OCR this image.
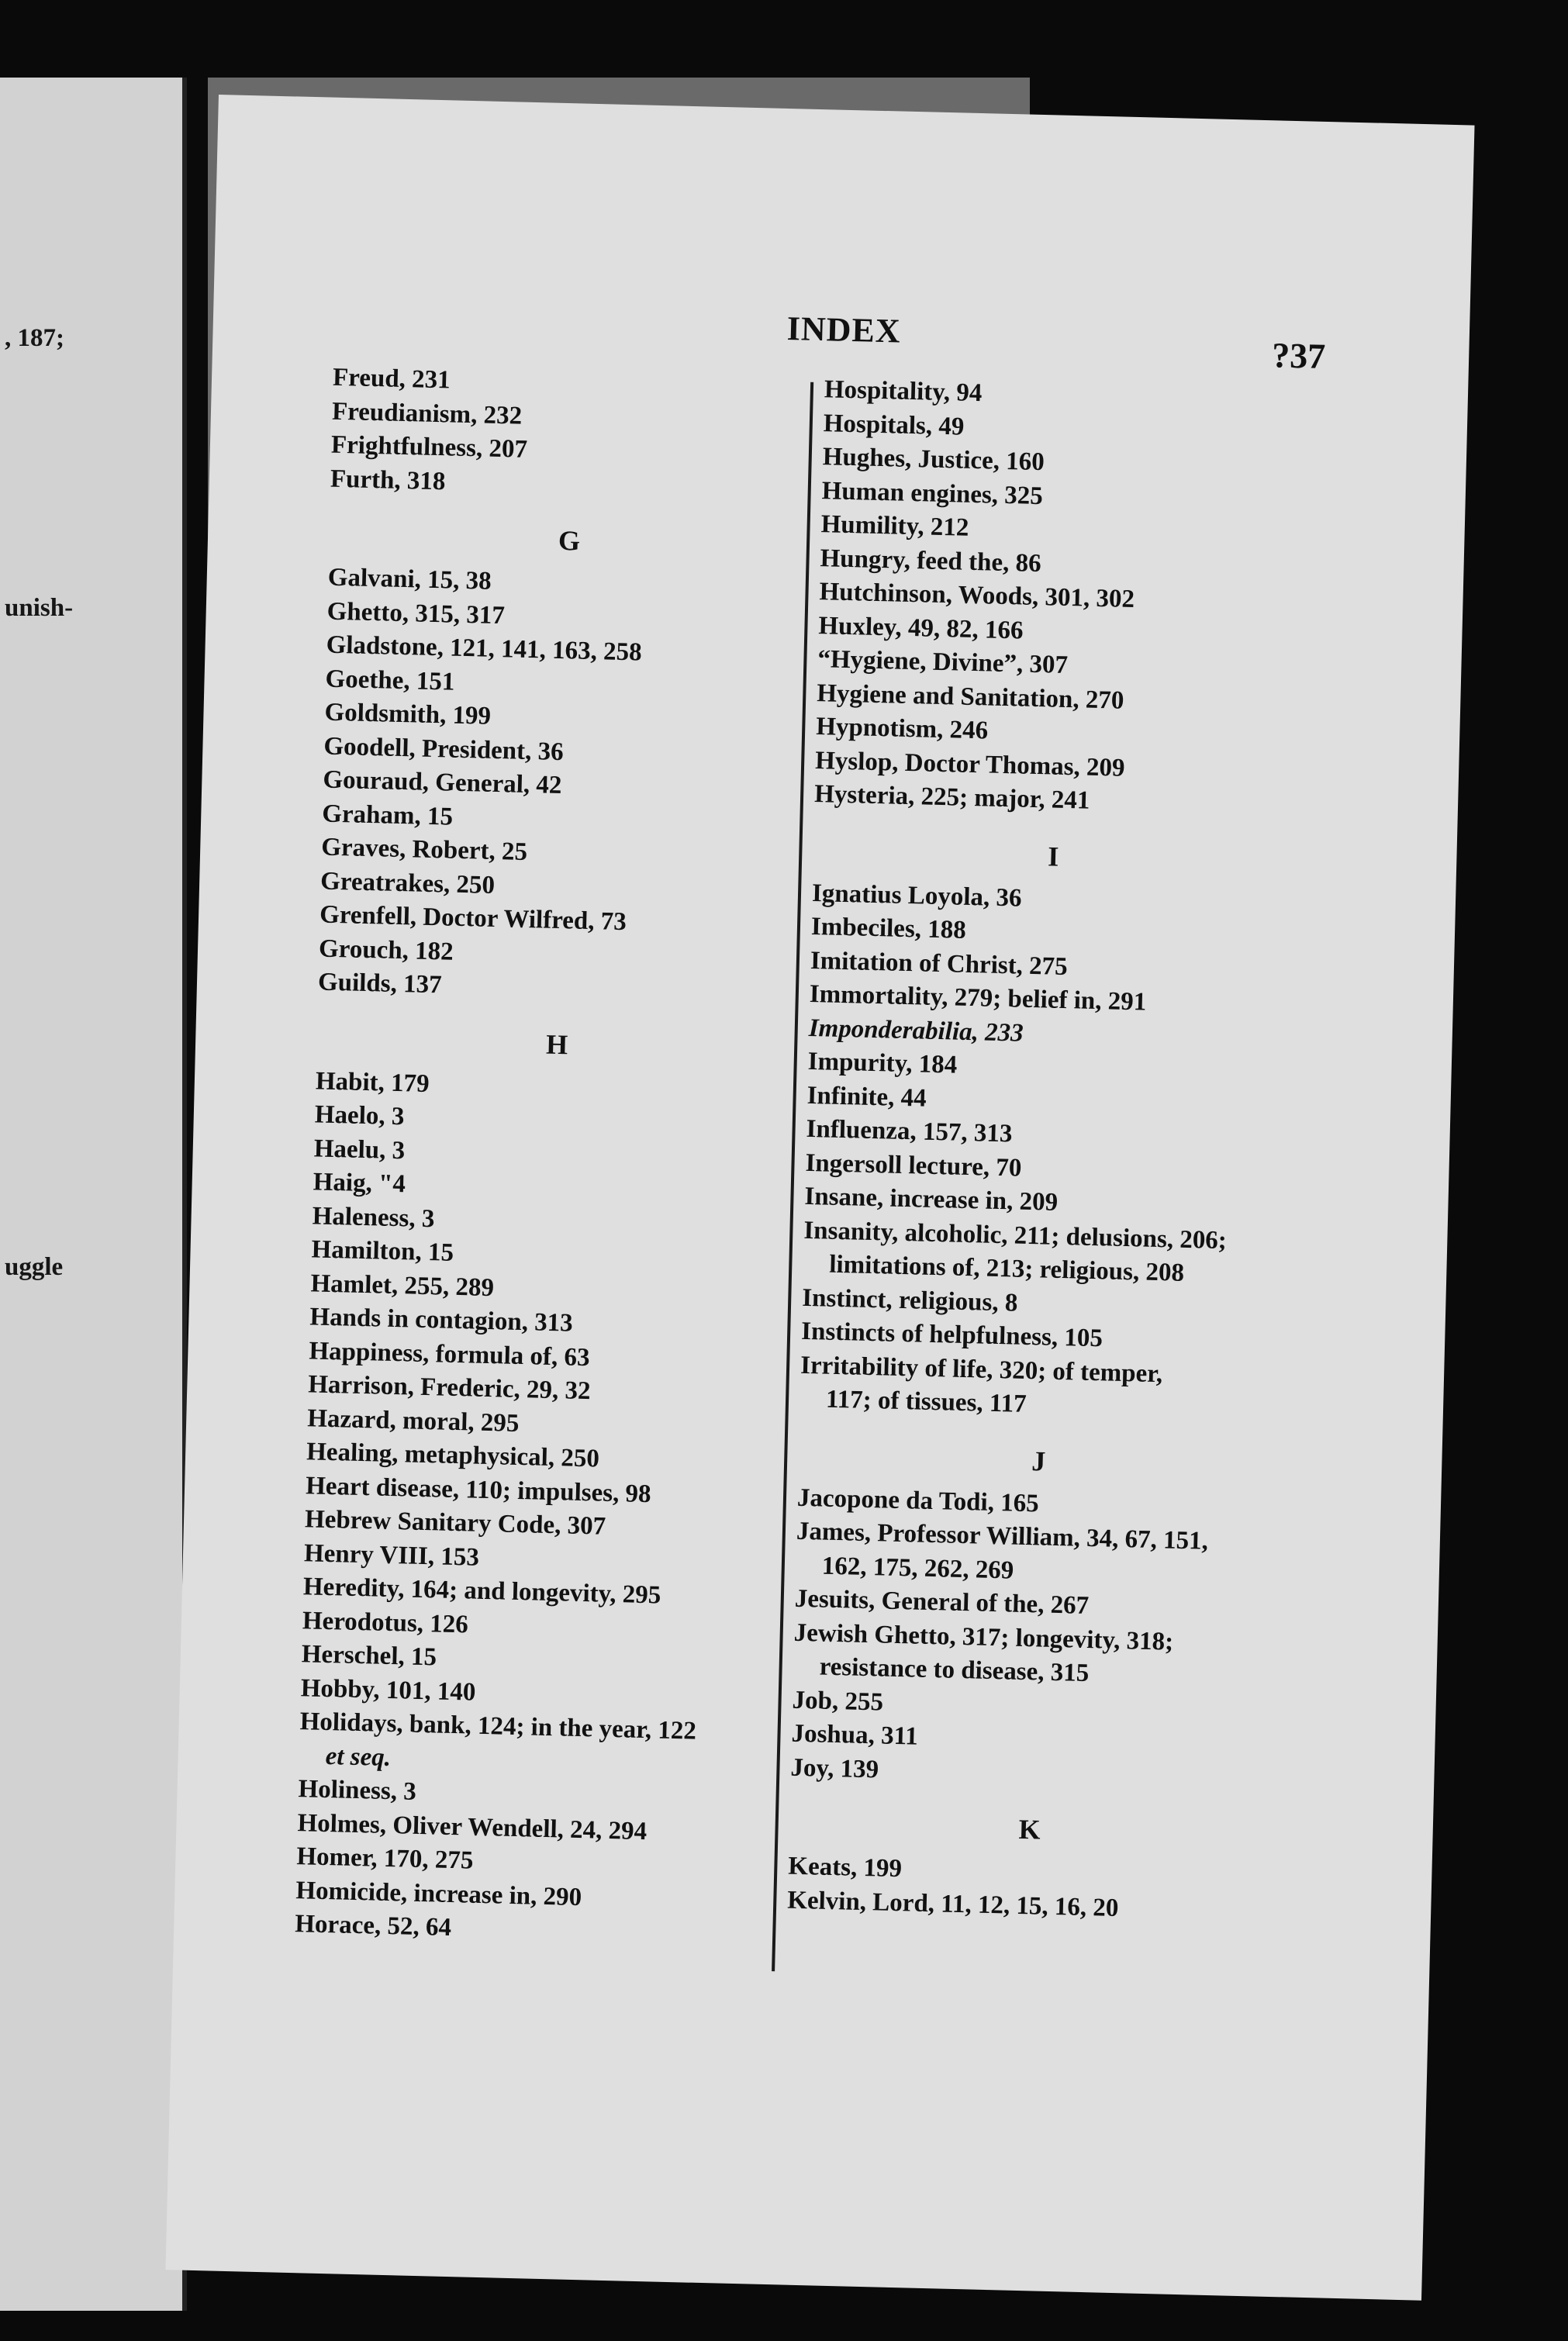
, 187;
unish-
uggle
INDEX
?37
Freud, 231
Freudianism, 232
Frightfulness, 207
Furth, 318
G
Galvani, 15, 38
Ghetto, 315, 317
Gladstone, 121, 141, 163, 258
Goethe, 151
Goldsmith, 199
Goodell, President, 36
Gouraud, General, 42
Graham, 15
Graves, Robert, 25
Greatrakes, 250
Grenfell, Doctor Wilfred, 73
Grouch, 182
Guilds, 137
H
Habit, 179
Haelo, 3
Haelu, 3
Haig, "4
Haleness, 3
Hamilton, 15
Hamlet, 255, 289
Hands in contagion, 313
Happiness, formula of, 63
Harrison, Frederic, 29, 32
Hazard, moral, 295
Healing, metaphysical, 250
Heart disease, 110; impulses, 98
Hebrew Sanitary Code, 307
Henry VIII, 153
Heredity, 164; and longevity, 295
Herodotus, 126
Herschel, 15
Hobby, 101, 140
Holidays, bank, 124; in the year, 122
et seq.
Holiness, 3
Holmes, Oliver Wendell, 24, 294
Homer, 170, 275
Homicide, increase in, 290
Horace, 52, 64
Hospitality, 94
Hospitals, 49
Hughes, Justice, 160
Human engines, 325
Humility, 212
Hungry, feed the, 86
Hutchinson, Woods, 301, 302
Huxley, 49, 82, 166
“Hygiene, Divine”, 307
Hygiene and Sanitation, 270
Hypnotism, 246
Hyslop, Doctor Thomas, 209
Hysteria, 225; major, 241
I
Ignatius Loyola, 36
Imbeciles, 188
Imitation of Christ, 275
Immortality, 279; belief in, 291
Imponderabilia, 233
Impurity, 184
Infinite, 44
Influenza, 157, 313
Ingersoll lecture, 70
Insane, increase in, 209
Insanity, alcoholic, 211; delusions, 206;
limitations of, 213; religious, 208
Instinct, religious, 8
Instincts of helpfulness, 105
Irritability of life, 320; of temper,
117; of tissues, 117
J
Jacopone da Todi, 165
James, Professor William, 34, 67, 151,
162, 175, 262, 269
Jesuits, General of the, 267
Jewish Ghetto, 317; longevity, 318;
resistance to disease, 315
Job, 255
Joshua, 311
Joy, 139
K
Keats, 199
Kelvin, Lord, 11, 12, 15, 16, 20
